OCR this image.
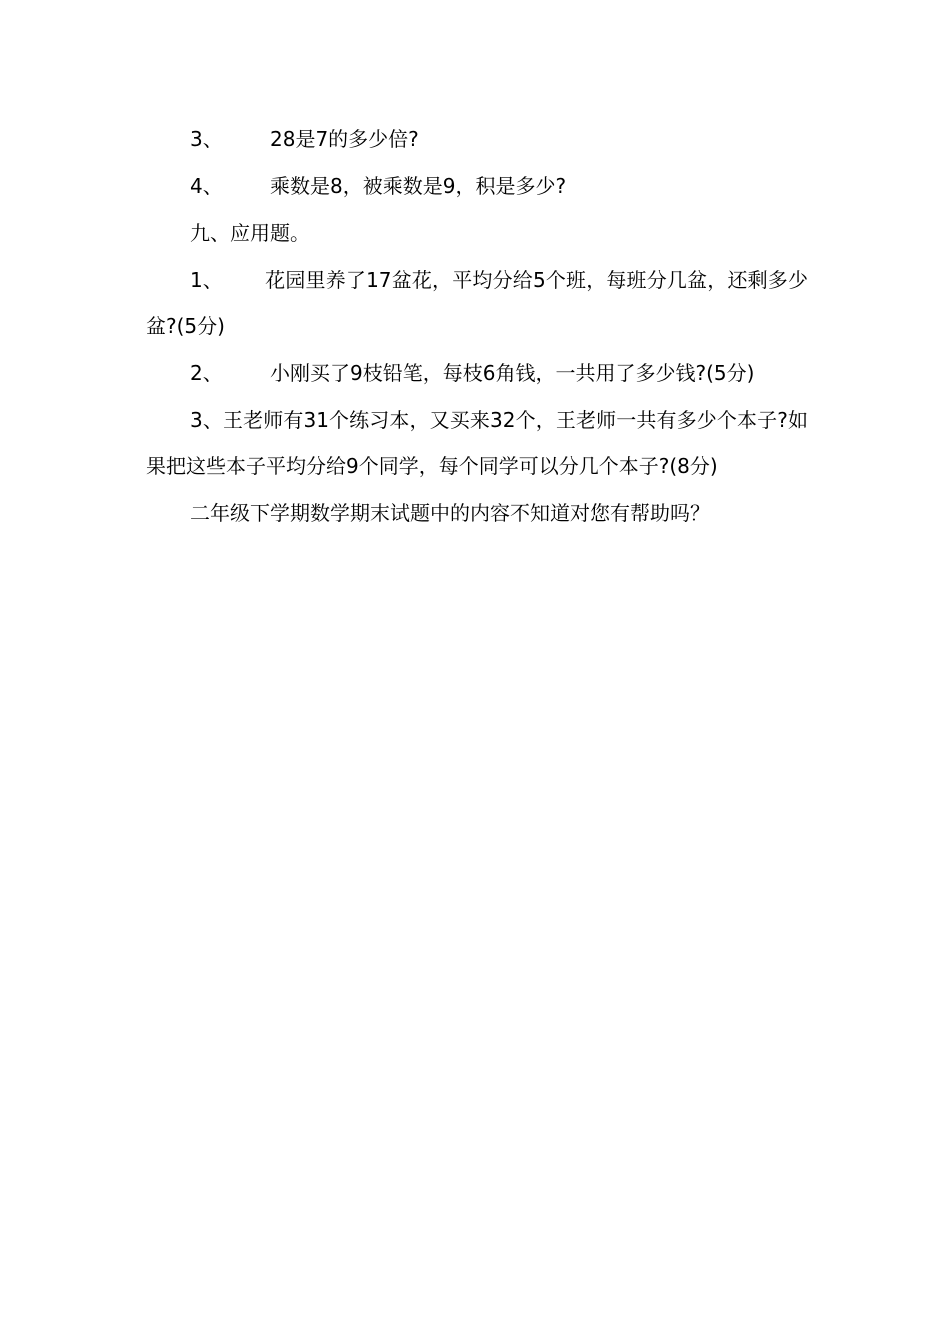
3、 28是7的多少倍?

4、 乘数是8，被乘数是9，积是多少?

九、应用题。

1、 花园里养了17盆花，平均分给5个班，每班分几盆，还剩多少盆?(5分)

2、 小刚买了9枝铅笔，每枝6角钱，一共用了多少钱?(5分)

3、王老师有31个练习本，又买来32个，王老师一共有多少个本子?如果把这些本子平均分给9个同学，每个同学可以分几个本子?(8分)

二年级下学期数学期末试题中的内容不知道对您有帮助吗？
